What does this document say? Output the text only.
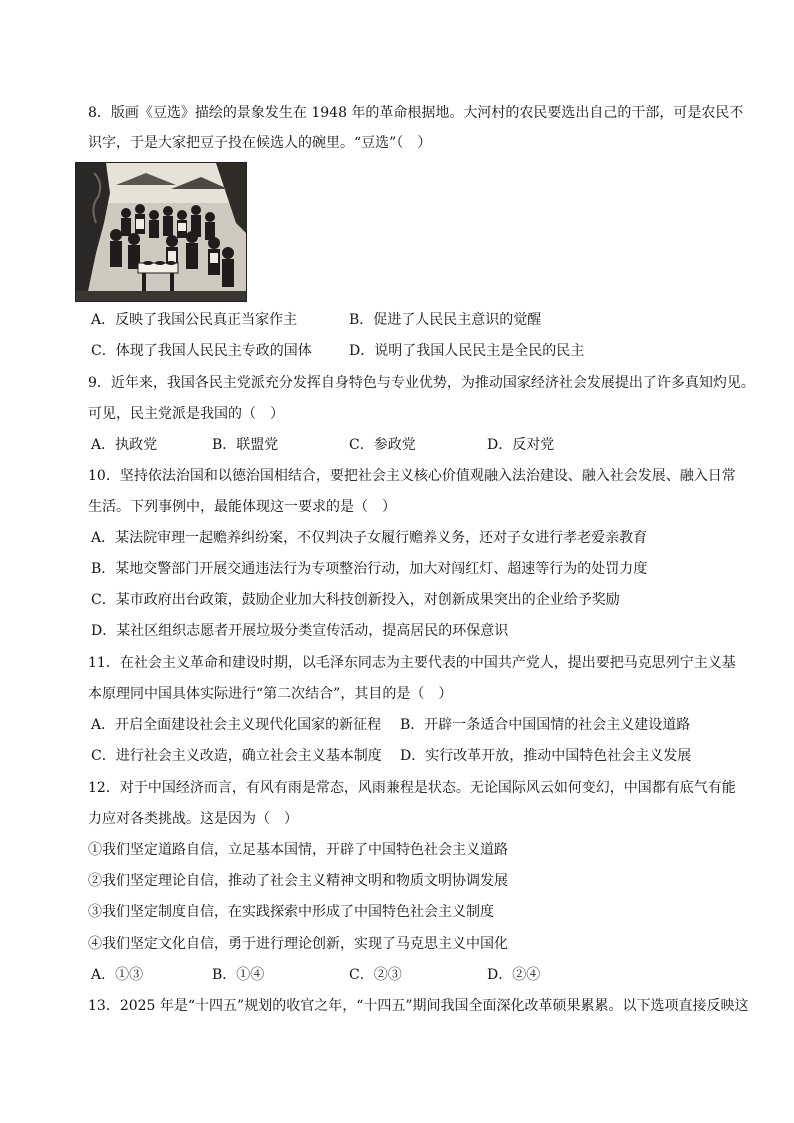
8．版画《豆选》描绘的景象发生在 1948 年的革命根据地。大河村的农民要选出自己的干部，可是农民不
识字，于是大家把豆子投在候选人的碗里。“豆选”（　）
A．反映了我国公民真正当家作主	B．促进了人民民主意识的觉醒
C．体现了我国人民民主专政的国体	D．说明了我国人民民主是全民的民主
9．近年来，我国各民主党派充分发挥自身特色与专业优势，为推动国家经济社会发展提出了许多真知灼见。
可见，民主党派是我国的（　）
A．执政党	B．联盟党	C．参政党	D．反对党
10．坚持依法治国和以德治国相结合，要把社会主义核心价值观融入法治建设、融入社会发展、融入日常
生活。下列事例中，最能体现这一要求的是（　）
A．某法院审理一起赡养纠纷案，不仅判决子女履行赡养义务，还对子女进行孝老爱亲教育
B．某地交警部门开展交通违法行为专项整治行动，加大对闯红灯、超速等行为的处罚力度
C．某市政府出台政策，鼓励企业加大科技创新投入，对创新成果突出的企业给予奖励
D．某社区组织志愿者开展垃圾分类宣传活动，提高居民的环保意识
11．在社会主义革命和建设时期，以毛泽东同志为主要代表的中国共产党人，提出要把马克思列宁主义基
本原理同中国具体实际进行“第二次结合”，其目的是（　）
A．开启全面建设社会主义现代化国家的新征程 B．开辟一条适合中国国情的社会主义建设道路
C．进行社会主义改造，确立社会主义基本制度 D．实行改革开放，推动中国特色社会主义发展
12．对于中国经济而言，有风有雨是常态，风雨兼程是状态。无论国际风云如何变幻，中国都有底气有能
力应对各类挑战。这是因为（　）
①我们坚定道路自信，立足基本国情，开辟了中国特色社会主义道路
②我们坚定理论自信，推动了社会主义精神文明和物质文明协调发展
③我们坚定制度自信，在实践探索中形成了中国特色社会主义制度
④我们坚定文化自信，勇于进行理论创新，实现了马克思主义中国化
A．①③	B．①④	C．②③	D．②④
13．2025 年是“十四五”规划的收官之年，“十四五”期间我国全面深化改革硕果累累。以下选项直接反映这
